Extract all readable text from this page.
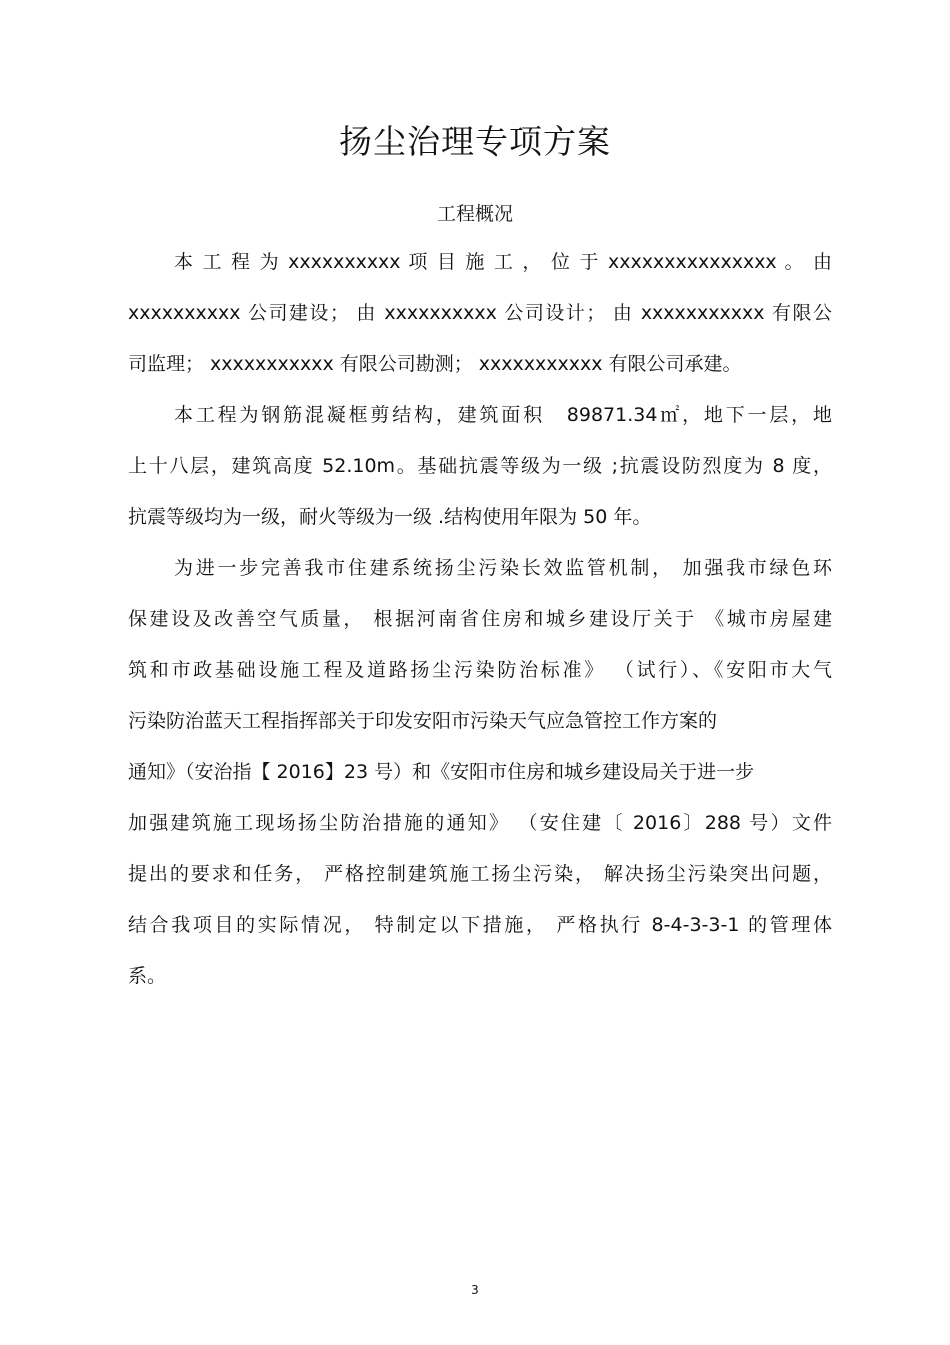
扬尘治理专项方案
工程概况
本 工 程 为 xxxxxxxxxx 项 目 施 工 ， 位 于 xxxxxxxxxxxxxxx 。 由
xxxxxxxxxx 公司建设； 由 xxxxxxxxxx 公司设计； 由 xxxxxxxxxxx 有限公
司监理； xxxxxxxxxxx 有限公司勘测； xxxxxxxxxxx 有限公司承建。
本工程为钢筋混凝框剪结构，建筑面积　89871.34㎡，地下一层，地
上十八层，建筑高度 52.10m。基础抗震等级为一级 ;抗震设防烈度为 8 度，
抗震等级均为一级，耐火等级为一级 .结构使用年限为 50 年。
为进一步完善我市住建系统扬尘污染长效监管机制， 加强我市绿色环
保建设及改善空气质量， 根据河南省住房和城乡建设厅关于 《城市房屋建
筑和市政基础设施工程及道路扬尘污染防治标准》 （试行）、《安阳市大气
污染防治蓝天工程指挥部关于印发安阳市污染天气应急管控工作方案的
通知》（安治指【 2016】23 号）和《安阳市住房和城乡建设局关于进一步
加强建筑施工现场扬尘防治措施的通知》 （安住建〔 2016〕288 号）文件
提出的要求和任务， 严格控制建筑施工扬尘污染， 解决扬尘污染突出问题，
结合我项目的实际情况， 特制定以下措施， 严格执行 8-4-3-3-1 的管理体
系。
3
